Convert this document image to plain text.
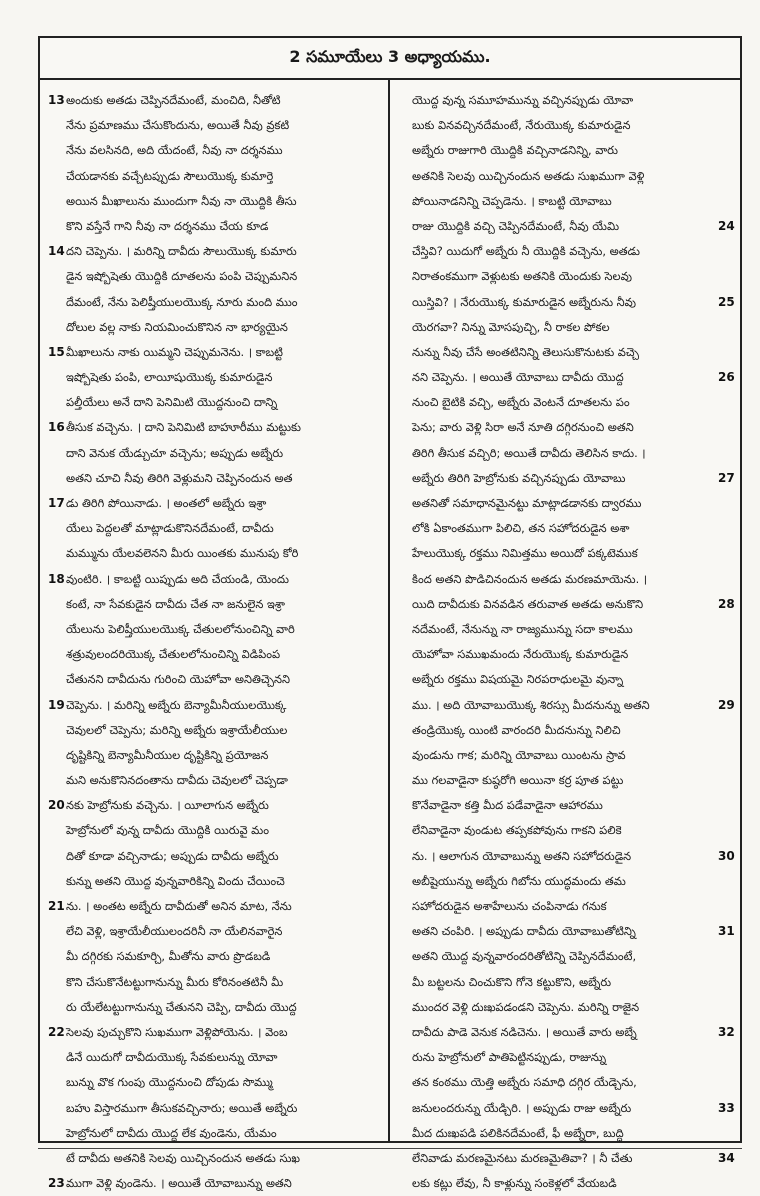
2 సమూయేలు 3 అధ్యాయము.
13 అందుకు అతడు చెప్పినదేమంటే, మంచిది, నీతోటి
నేను ప్రమాణము చేసుకొందును, అయితే నీవు వ్రకటి
నేను వలసినది, అది యేదంటే, నీవు నా దర్శనము
చేయడానకు వచ్చేటప్పుడు సౌలుయొక్క కుమార్తె
అయిన మీఖాలును ముందుగా నీవు నా యొద్దికి తీసు
కొని వస్తేనే గాని నీవు నా దర్శనము చేయ కూడ
14 దని చెప్పెను. । మరిన్ని దావీదు సౌలుయొక్క కుమారు
డైన ఇష్బోషెతు యొద్దికి దూతలను పంపి చెప్పుమనిన
దేమంటే, నేను పెలిష్తీయులయొక్క నూరు మంది ముం
దోలుల వల్ల నాకు నియమించుకొనిన నా భార్యయైన
15 మీఖాలును నాకు యిమ్మని చెప్పుమనెను. । కాబట్టి
ఇష్బోషెతు పంపి, లాయీషుయొక్క కుమారుడైన
పల్తీయేలు అనే దాని పెనిమిటి యొద్దనుంచి దాన్ని
16 తీసుక వచ్చెను. । దాని పెనిమిటి బాహూరీము మట్టుకు
దాని వెనుక యేడ్చుచూ వచ్చెను; అప్పుడు అబ్నేరు
అతని చూచి నీవు తిరిగి వెళ్లుమని చెప్పినందున అత
17 డు తిరిగి పోయినాడు. । అంతలో అబ్నేరు ఇశ్రా
యేలు పెద్దలతో మాట్లాడుకొనినదేమంటే, దావీదు
మమ్మును యేలవలెనని మీరు యింతకు మునుపు కోరి
18 వుంటిరి. । కాబట్టి యిప్పుడు అది చేయండి, యెందు
కంటే, నా సేవకుడైన దావీదు చేత నా జనులైన ఇశ్రా
యేలును పెలిష్తీయులయొక్క చేతులలోనుంచిన్ని వారి
శత్రువులందరియొక్క చేతులలోనుంచిన్ని విడిపింప
చేతునని దావీదును గురించి యెహోవా అనితిచ్చెనని
19 చెప్పెను. । మరిన్ని అబ్నేరు బెన్యామీనీయులయొక్క
చెవులలో చెప్పెను; మరిన్ని అబ్నేరు ఇశ్రాయేలీయుల
దృష్టికిన్ని బెన్యామీనీయుల దృష్టికిన్ని ప్రయోజన
మని అనుకొనినదంతాను దావీదు చెవులలో చెప్పడా
20 నకు హెబ్రోనుకు వచ్చెను. । యీలాగున అబ్నేరు
హెబ్రోనులో వున్న దావీదు యొద్దికి యిరువై మం
దితో కూడా వచ్చినాడు; అప్పుడు దావీదు అబ్నేరు
కున్ను అతని యొద్ద వున్నవారికిన్ని విందు చేయించె
21 ను. । అంతట అబ్నేరు దావీదుతో అనిన మాట, నేను
లేచి వెళ్లి, ఇశ్రాయేలీయులందరినీ నా యేలినవారైన
మీ దగ్గిరకు సమకూర్చి, మీతోను వారు ప్రొడబడి
కొని చేసుకొనేటట్టుగానున్ను మీరు కోరినంతటినీ మీ
రు యేలేటట్టుగానున్ను చేతునని చెప్పి, దావీదు యొద్ద
22 సెలవు పుచ్చుకొని సుఖముగా వెళ్లిపోయెను. । వెంబ
డినే యిదుగో దావీదుయొక్క సేవకులున్ను యోవా
బున్ను వొక గుంపు యొద్దనుంచి దోపుడు సొమ్ము
బహు విస్తారముగా తీసుకవచ్చినారు; అయితే అబ్నేరు
హెబ్రోనులో దావీదు యొద్ద లేక వుండెను, యేమం
టే దావీదు అతనికి సెలవు యిచ్చినందున అతడు సుఖ
23 ముగా వెళ్లి వుండెను. । అయితే యోవాబున్ను అతని
యొద్ద వున్న సమూహమున్ను వచ్చినప్పుడు యోవా
బుకు వినవచ్చినదేమంటే, నేరుయొక్క కుమారుడైన
అబ్నేరు రాజుగారి యొద్దికి వచ్చినాడనిన్ని, వారు
అతనికి సెలవు యిచ్చినందున అతడు సుఖముగా వెళ్లి
పోయినాడనిన్ని చెప్పడెను. । కాబట్టి యోవాబు
24
రాజు యొద్దికి వచ్చి చెప్పినదేమంటే, నీవు యేమి
చేస్తివి? యిదుగో అబ్నేరు నీ యొద్దికి వచ్చెను, అతడు
నిరాతంకముగా వెళ్లుటకు అతనికి యెందుకు సెలవు
25
యిస్తివి? । నేరుయొక్క కుమారుడైన అబ్నేరును నీవు
యెరగవా? నిన్ను మోసపుచ్చి, నీ రాకల పోకల
నున్ను నీవు చేసే అంతటినిన్ని తెలుసుకొనుటకు వచ్చె
26
నని చెప్పెను. । అయితే యోవాబు దావీదు యొద్ద
నుంచి బైటికి వచ్చి, అబ్నేరు వెంటనే దూతలను పం
పెను; వారు వెళ్లి సిరా అనే నూతి దగ్గిరనుంచి అతని
తిరిగి తీసుక వచ్చిరి; అయితే దావీదు తెలిసిన కాదు. ।
27
అబ్నేరు తిరిగి హెబ్రోనుకు వచ్చినప్పుడు యోవాబు
అతనితో సమాధానమైనట్టు మాట్లాడడానకు ద్వారము
లోకి ఏకాంతముగా పిలిచి, తన సహోదరుడైన అశా
హేలుయొక్క రక్తము నిమిత్తము అయిదో పక్కటెముక
కింద అతని పొడిచినందున అతడు మరణమాయెను. ।
28
యిది దావీదుకు వినవడిన తరువాత అతడు అనుకొని
నదేమంటే, నేనున్ను నా రాజ్యమున్ను సదా కాలము
యెహోవా సముఖమందు నేరుయొక్క కుమారుడైన
అబ్నేరు రక్తము విషయమై నిరపరాధులమై వున్నా
29
ము. । అది యోవాబుయొక్క శిరస్సు మీదనున్ను అతని
తండ్రియొక్క యింటి వారందరి మీదనున్ను నిలిచి
వుండును గాక; మరిన్ని యోవాబు యింటను స్రావ
ము గలవాడైనా కుష్ఠరోగి అయినా కర్ర పూత పట్టు
కొనేవాడైనా కత్తి మీద పడేవాడైనా ఆహారము
లేనివాడైనా వుండుట తప్పకపోవును గాకని పలికె
30
ను. । ఆలాగున యోవాబున్ను అతని సహోదరుడైన
అబీషైయున్ను అబ్నేరు గిబోను యుద్ధమందు తమ
సహోదరుడైన అశాహేలును చంపినాడు గనుక
31
అతని చంపిరి. । అప్పుడు దావీదు యోవాబుతోటిన్ని
అతని యొద్ద వున్నవారందరితోటిన్ని చెప్పినదేమంటే,
మీ బట్టలను చించుకొని గోనె కట్టుకొని, అబ్నేరు
ముందర వెళ్లి దుఃఖపడండని చెప్పెను. మరిన్ని రాజైన
32
దావీదు పాడె వెనుక నడిచెను. । అయితే వారు అబ్నే
రును హెబ్రోనులో పాతిపెట్టినప్పుడు, రాజున్ను
తన కంఠము యెత్తి అబ్నేరు సమాధి దగ్గిర యేడ్చెను,
33
జనులందరున్ను యేడ్చిరి. । అప్పుడు రాజు అబ్నేరు
మీద దుఃఖపడి పలికినదేమంటే, ఫీ అబ్నేరా, బుద్ధి
34
లేనివాడు మరణమైనటు మరణమైతివా? । నీ చేతు
లకు కట్లు లేవు, నీ కాళ్లున్ను సంకెళ్లలో వేయబడి
